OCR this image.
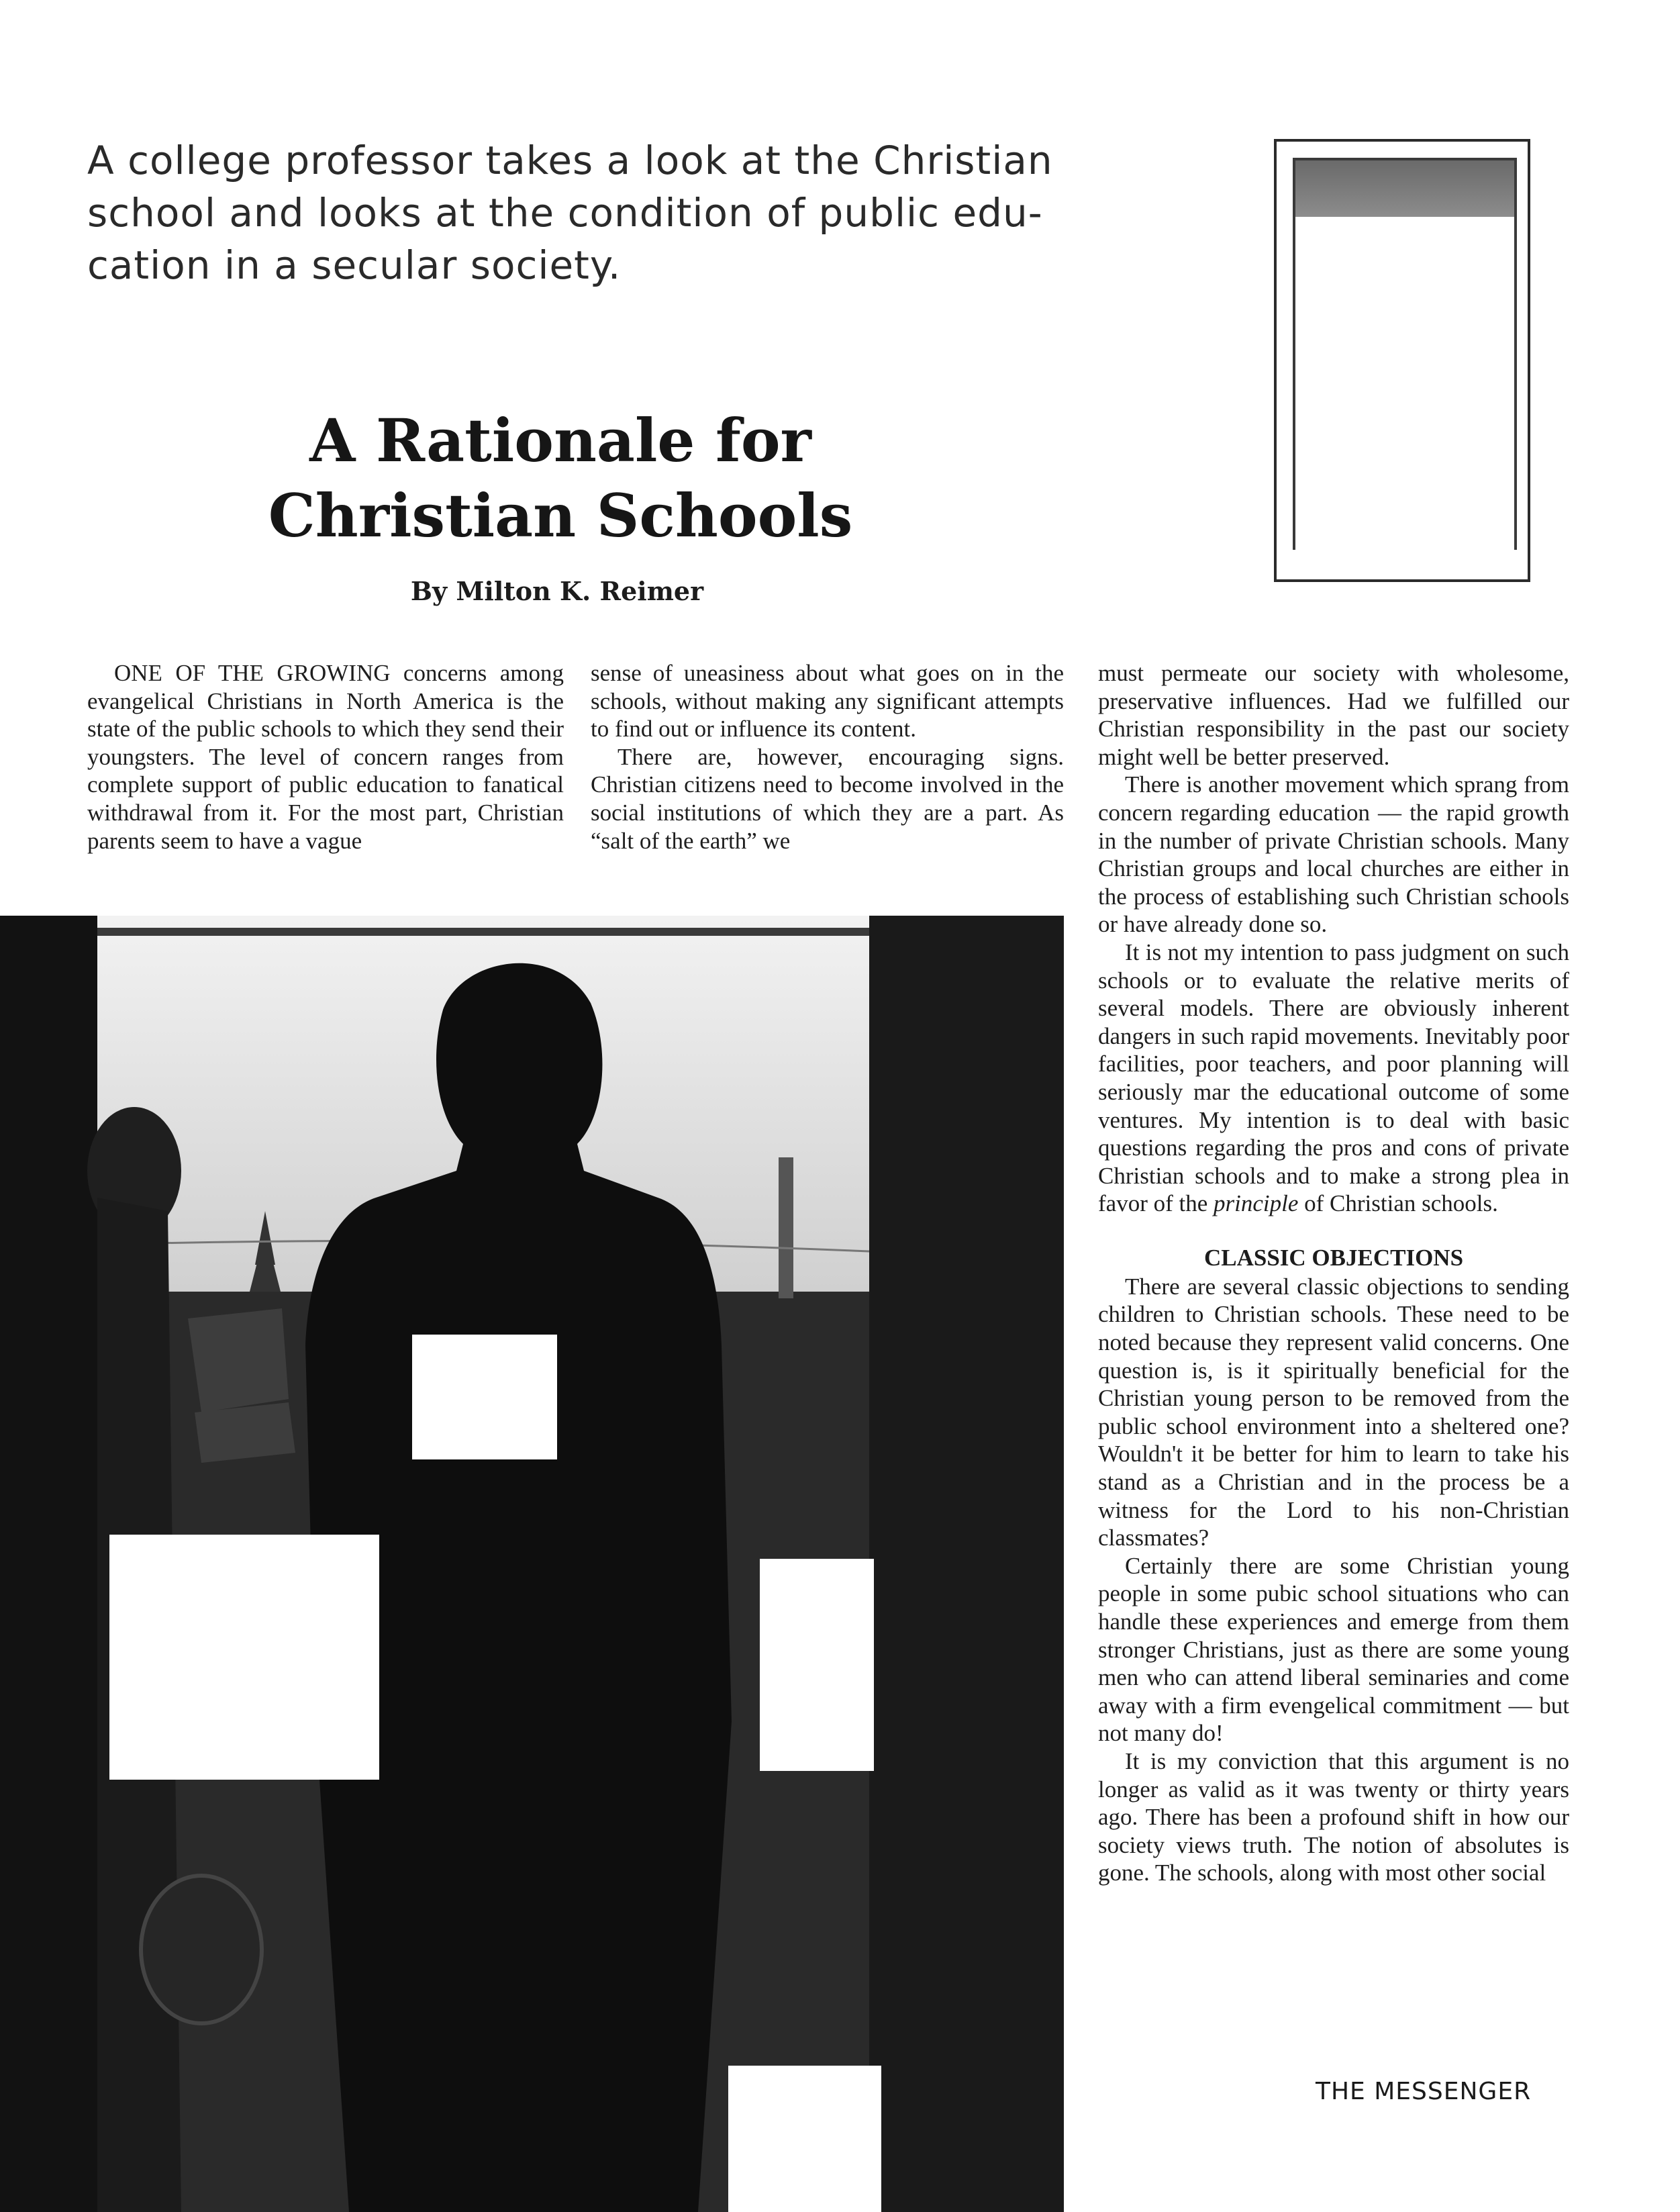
A college professor takes a look at the Christian school and looks at the condition of public education in a secular society.

A Rationale for
Christian Schools

By Milton K. Reimer

ONE OF THE GROWING concerns among evangelical Christians in North America is the state of the public schools to which they send their youngsters. The level of concern ranges from complete support of public education to fanatical withdrawal from it. For the most part, Christian parents seem to have a vague

sense of uneasiness about what goes on in the schools, without making any significant attempts to find out or influence its content.

There are, however, encouraging signs. Christian citizens need to become involved in the social institutions of which they are a part. As “salt of the earth” we

must permeate our society with wholesome, preservative influences. Had we fulfilled our Christian responsibility in the past our society might well be better preserved.

There is another movement which sprang from concern regarding education — the rapid growth in the number of private Christian schools. Many Christian groups and local churches are either in the process of establishing such Christian schools or have already done so.

It is not my intention to pass judgment on such schools or to evaluate the relative merits of several models. There are obviously inherent dangers in such rapid movements. Inevitably poor facilities, poor teachers, and poor planning will seriously mar the educational outcome of some ventures. My intention is to deal with basic questions regarding the pros and cons of private Christian schools and to make a strong plea in favor of the principle of Christian schools.

CLASSIC OBJECTIONS

There are several classic objections to sending children to Christian schools. These need to be noted because they represent valid concerns. One question is, is it spiritually beneficial for the Christian young person to be removed from the public school environment into a sheltered one? Wouldn't it be better for him to learn to take his stand as a Christian and in the process be a witness for the Lord to his non-Christian classmates?

Certainly there are some Christian young people in some pubic school situations who can handle these experiences and emerge from them stronger Christians, just as there are some young men who can attend liberal seminaries and come away with a firm evengelical commitment — but not many do!

It is my conviction that this argument is no longer as valid as it was twenty or thirty years ago. There has been a profound shift in how our society views truth. The notion of absolutes is gone. The schools, along with most other social

THE MESSENGER
